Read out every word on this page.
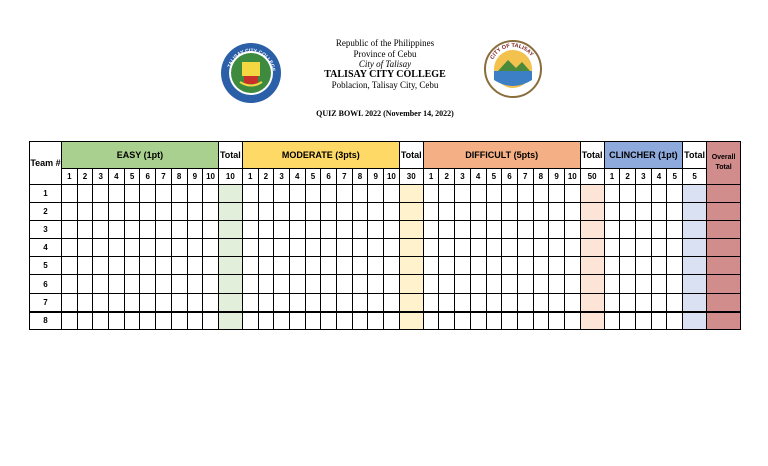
TALISAY CITY COLLEGE
Republic of the Philippines
Province of Cebu
City of Talisay
TALISAY CITY COLLEGE
Poblacion, Talisay City, Cebu
CITY OF TALISAY
QUIZ BOWL 2022 (November 14, 2022)
Team #	EASY (1pt)										Total	MODERATE (3pts)										Total	DIFFICULT (5pts)										Total	CLINCHER (1pt)					Total	Overall Total
	1	2	3	4	5	6	7	8	9	10	10	1	2	3	4	5	6	7	8	9	10	30	1	2	3	4	5	6	7	8	9	10	50	1	2	3	4	5	5	
1																																								
2																																								
3																																								
4																																								
5																																								
6																																								
7																																								
8																																								
